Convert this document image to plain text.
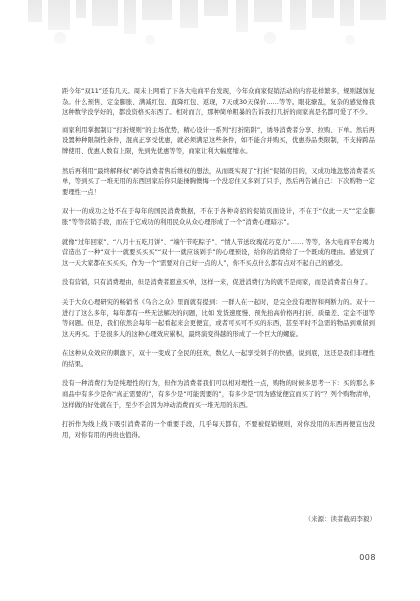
距今年“双11”还有几天。周末上网看了下各大电商平台发现，今年众商家促销活动的内容花样繁多，规则越加复杂。什么预售、定金膨胀、满减红包、直降红包、返现，7天或30天保价……等等。眼花缭乱，复杂的感觉像我这种数学没学好的，都没资格买东西了。相对而言，那种简单粗暴的告诉我打几折的商家真是名都可爱了不少。

商家利用掌握制订“打折规则”的主场优势，精心设计一系列“打折陷阱”，诱导消费者分享、拉购、下单。然后再设置种种限制性条件，混真正享受优惠，就必须满足这些条件，如不能合并购买，优惠券品类限制，不支持跨品牌使用、优惠人数有上限，先到先优惠等等，商家让利大幅度缩水。

然后再利用“最终解释权”剥夺消费者售后维权的想法，从而既实现了“打折”促销的目的，又成功地忽悠消费者买单，等到买了一堆无用的东西回家后你只能捶胸懊悔一个没忍住又多剁了只手，然后再告诫自己：下次购物一定要理性一点！

双十一的成功之处不在于每年的国民消费数据，不在于各种奇招的促销页面设计，不在于“仅此一天”“定金膨胀”等等营销手段，而在于它成功的利用民众从众心理形成了一个“消费心理暗示”。

就像“过年回家”、“八月十五吃月饼”、“端午节吃粽子”、“情人节送玫瑰花巧克力”…… 等等，各大电商平台竭力营造出了一种“双十一就要买买买”“双十一就应该剁手”的心理预设，给你的消费给了一个既成的理由。感觉到了这一天大家都在买买买，作为一个“需要对自己好一点的人”，你不买点什么都有点对不起自己的感受。

没有营销，只有消费理由，但是消费者愿意买单，这样一来，促进消费行为的就不是商家，而是消费者自身了。

关于大众心理研究的畅销书《乌合之众》里面就有提到：一群人在一起时，是完全没有理智和判断力的。双十一进行了这么多年，每年都有一些无法解决的问题，比如 发货速度慢、预先抬高价格再打折、质量差、定金不退等等问题。但是，我们依然会每年一起看起来会更便宜，或者可买可不买的东西，甚至平时不急需的物品到重留到这天再买。于是很多人的这种心理效应累积，最终演变得越的形成了一个巨大的螺旋。

在这种从众效应的刺激下，双十一变成了全民的狂欢，数亿人一起享受剁手的快感，说到底，这还是我们非理性的结果。

没有一种消费行为是纯理性的行为，但作为消费者我们可以相对理性一点，购物的时候多思考一下：买的那么多商品中有多少是你“真正需要的”，有多少是“可能需要的”，有多少是“因为感觉便宜而买了的”？列个购物清单，这样做的好处就在于，至少不会因为冲动消费而买一堆无用的东西。

打折作为线上线下吸引消费者的一个重要手段，几乎每天都有，不要被促销规则，对你没用的东西再便宜也没用，对你有用的再贵也值得。

（来源：读者截码李毅）
008
